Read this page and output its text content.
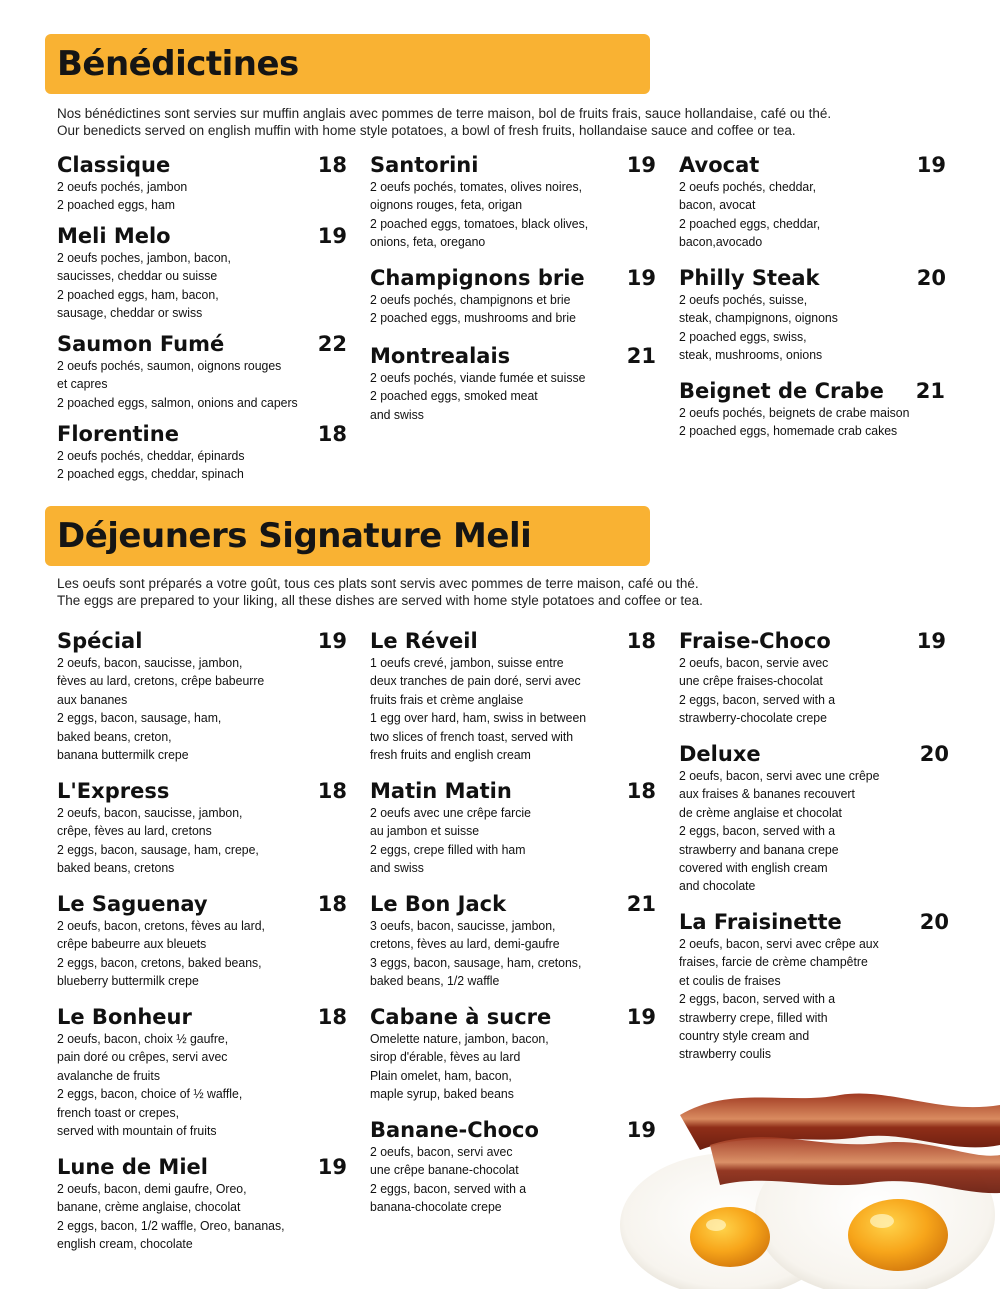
Bénédictines

Nos bénédictines sont servies sur muffin anglais avec pommes de terre maison, bol de fruits frais, sauce hollandaise, café ou thé.
Our benedicts served on english muffin with home style potatoes, a bowl of fresh fruits, hollandaise sauce and coffee or tea.

Classique	18
2 oeufs pochés, jambon
2 poached eggs, ham
Meli Melo	19
2 oeufs poches, jambon, bacon,
saucisses, cheddar ou suisse
2 poached eggs, ham, bacon,
sausage, cheddar or swiss
Saumon Fumé	22
2 oeufs pochés, saumon, oignons rouges
et capres
2 poached eggs, salmon, onions and capers
Florentine	18
2 oeufs pochés, cheddar, épinards
2 poached eggs, cheddar, spinach
Santorini	19
2 oeufs pochés, tomates, olives noires,
oignons rouges, feta, origan
2 poached eggs, tomatoes, black olives,
onions, feta, oregano
Champignons brie 19
2 oeufs pochés, champignons et brie
2 poached eggs, mushrooms and brie
Montrealais	21
2 oeufs pochés, viande fumée et suisse
2 poached eggs, smoked meat
and swiss
Avocat	19
2 oeufs pochés, cheddar,
bacon, avocat
2 poached eggs, cheddar,
bacon,avocado
Philly Steak	20
2 oeufs pochés, suisse,
steak, champignons, oignons
2 poached eggs, swiss,
steak, mushrooms, onions
Beignet de Crabe 21
2 oeufs pochés, beignets de crabe maison
2 poached eggs, homemade crab cakes
Déjeuners Signature Meli

Les oeufs sont préparés a votre goût, tous ces plats sont servis avec pommes de terre maison, café ou thé.
The eggs are prepared to your liking, all these dishes are served with home style potatoes and coffee or tea.

Spécial	19
2 oeufs, bacon, saucisse, jambon,
fèves au lard, cretons, crêpe babeurre
aux bananes
2 eggs, bacon, sausage, ham,
baked beans, creton,
banana buttermilk crepe
L'Express	18
2 oeufs, bacon, saucisse, jambon,
crêpe, fèves au lard, cretons
2 eggs, bacon, sausage, ham, crepe,
baked beans, cretons
Le Saguenay	18
2 oeufs, bacon, cretons, fèves au lard,
crêpe babeurre aux bleuets
2 eggs, bacon, cretons, baked beans,
blueberry buttermilk crepe
Le Bonheur	18
2 oeufs, bacon, choix ½ gaufre,
pain doré ou crêpes, servi avec
avalanche de fruits
2 eggs, bacon, choice of ½ waffle,
french toast or crepes,
served with mountain of fruits
Lune de Miel	19
2 oeufs, bacon, demi gaufre, Oreo,
banane, crème anglaise, chocolat
2 eggs, bacon, 1/2 waffle, Oreo, bananas,
english cream, chocolate
Le Réveil	18
1 oeufs crevé, jambon, suisse entre
deux tranches de pain doré, servi avec
fruits frais et crème anglaise
1 egg over hard, ham, swiss in between
two slices of french toast, served with
fresh fruits and english cream
Matin Matin	18
2 oeufs avec une crêpe farcie
au jambon et suisse
2 eggs, crepe filled with ham
and swiss
Le Bon Jack	21
3 oeufs, bacon, saucisse, jambon,
cretons, fèves au lard, demi-gaufre
3 eggs, bacon, sausage, ham, cretons,
baked beans, 1/2 waffle
Cabane à sucre	19
Omelette nature, jambon, bacon,
sirop d'érable, fèves au lard
Plain omelet, ham, bacon,
maple syrup, baked beans
Banane-Choco	19
2 oeufs, bacon, servi avec
une crêpe banane-chocolat
2 eggs, bacon, served with a
banana-chocolate crepe
Fraise-Choco	19
2 oeufs, bacon, servie avec
une crêpe fraises-chocolat
2 eggs, bacon, served with a
strawberry-chocolate crepe
Deluxe	20
2 oeufs, bacon, servi avec une crêpe
aux fraises & bananes recouvert
de crème anglaise et chocolat
2 eggs, bacon, served with a
strawberry and banana crepe
covered with english cream
and chocolate
La Fraisinette	20
2 oeufs, bacon, servi avec crêpe aux
fraises, farcie de crème champêtre
et coulis de fraises
2 eggs, bacon, served with a
strawberry crepe, filled with
country style cream and
strawberry coulis
